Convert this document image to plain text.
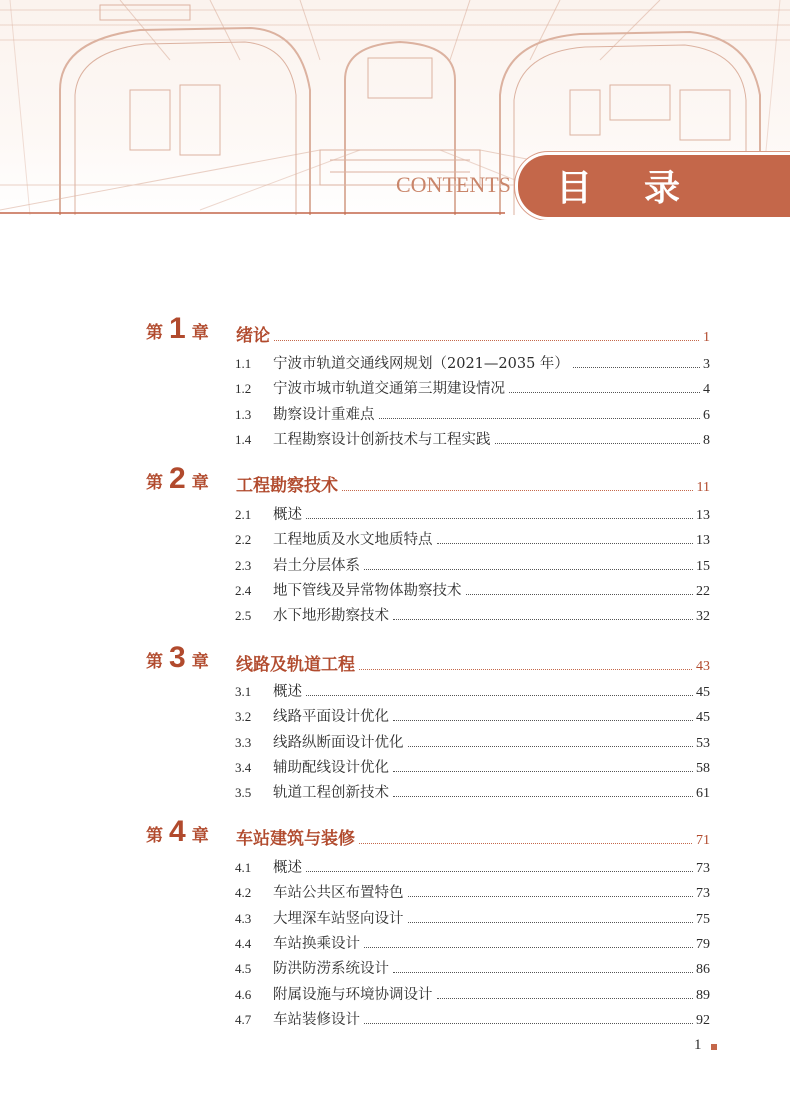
CONTENTS 目录
第 1 章 绪论	1
1.1	宁波市轨道交通线网规划（2021—2035 年）	3
1.2	宁波市城市轨道交通第三期建设情况	4
1.3	勘察设计重难点	6
1.4	工程勘察设计创新技术与工程实践	8
第 2 章 工程勘察技术	11
2.1	概述	13
2.2	工程地质及水文地质特点	13
2.3	岩土分层体系	15
2.4	地下管线及异常物体勘察技术	22
2.5	水下地形勘察技术	32
第 3 章 线路及轨道工程	43
3.1	概述	45
3.2	线路平面设计优化	45
3.3	线路纵断面设计优化	53
3.4	辅助配线设计优化	58
3.5	轨道工程创新技术	61
第 4 章 车站建筑与装修	71
4.1	概述	73
4.2	车站公共区布置特色	73
4.3	大埋深车站竖向设计	75
4.4	车站换乘设计	79
4.5	防洪防涝系统设计	86
4.6	附属设施与环境协调设计	89
4.7	车站装修设计	92
1
